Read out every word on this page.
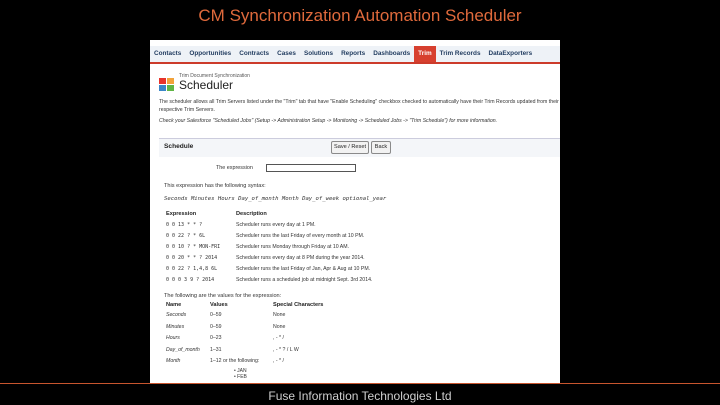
CM Synchronization Automation Scheduler
Contacts	Opportunities	Contracts	Cases	Solutions	Reports	Dashboards	Trim	Trim Records	DataExporters
Trim Document Synchronization
Scheduler
The scheduler allows all Trim Servers listed under the "Trim" tab that have "Enable Scheduling" checkbox checked to automatically have their Trim Records updated from their respective Trim Servers.
Check your Salesforce "Scheduled Jobs" (Setup -> Administration Setup -> Monitoring -> Scheduled Jobs -> "Trim Schedule") for more information.
Schedule	Save / Reset	Back
The expression
This expression has the following syntax:
Seconds Minutes Hours Day_of_month Month Day_of_week optional_year
Expression	Description
0 0 13 * * ?	Scheduler runs every day at 1 PM.
0 0 22 ? * 6L	Scheduler runs the last Friday of every month at 10 PM.
0 0 10 ? * MON-FRI	Scheduler runs Monday through Friday at 10 AM.
0 0 20 * * ? 2014	Scheduler runs every day at 8 PM during the year 2014.
0 0 22 ? 1,4,8 6L	Scheduler runs the last Friday of Jan, Apr & Aug at 10 PM.
0 0 0 3 9 ? 2014	Scheduler runs a scheduled job at midnight Sept. 3rd 2014.
The following are the values for the expression:
Name	Values	Special Characters
Seconds	0–59	None
Minutes	0–59	None
Hours	0–23	, - * /
Day_of_month 1–31	, - * ? / L W
Month	1–12 or the following:	, - * /
• JAN
• FEB
Fuse Information Technologies Ltd
